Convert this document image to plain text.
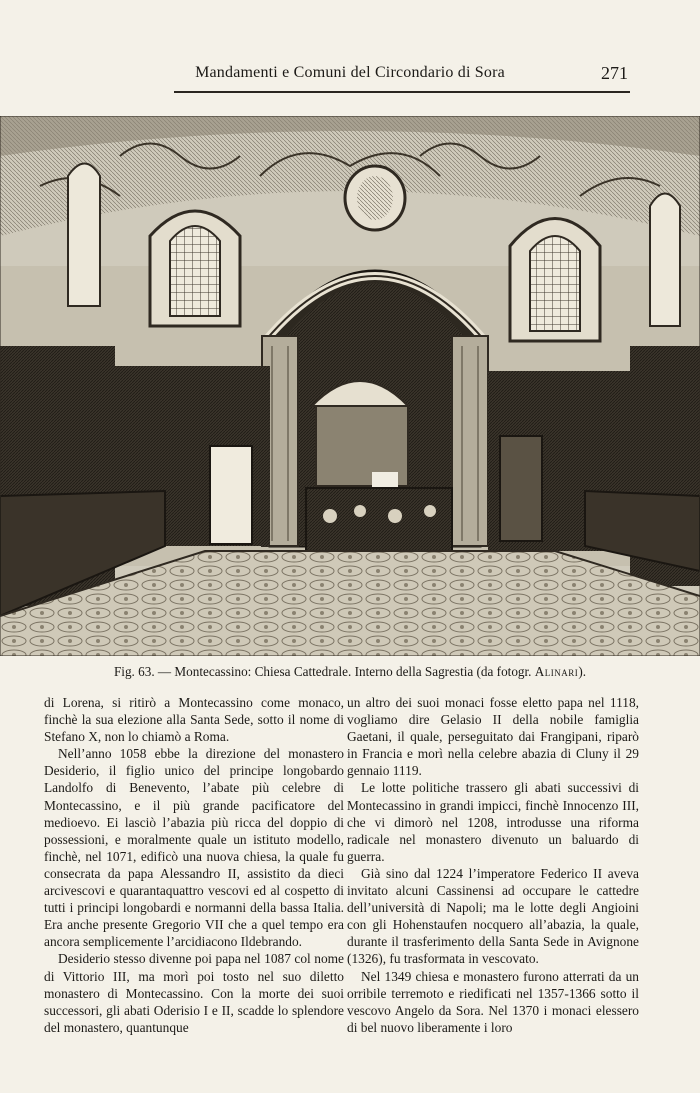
Mandamenti e Comuni del Circondario di Sora	271
Fig. 63. — Montecassino: Chiesa Cattedrale. Interno della Sagrestia (da fotogr. Alinari).

di Lorena, si ritirò a Montecassino come monaco, finchè la sua elezione alla Santa Sede, sotto il nome di Stefano X, non lo chiamò a Roma.

Nell’anno 1058 ebbe la direzione del monastero Desiderio, il figlio unico del principe longobardo Landolfo di Benevento, l’abate più celebre di Montecassino, e il più grande pacificatore del medioevo. Ei lasciò l’abazia più ricca del doppio di possessioni, e moralmente quale un istituto modello, finchè, nel 1071, edificò una nuova chiesa, la quale fu consecrata da papa Alessandro II, assistito da dieci arcivescovi e quarantaquattro vescovi ed al cospetto di tutti i principi longobardi e normanni della bassa Italia. Era anche presente Gregorio VII che a quel tempo era ancora semplicemente l’arcidiacono Ildebrando.

Desiderio stesso divenne poi papa nel 1087 col nome di Vittorio III, ma morì poi tosto nel suo diletto monastero di Montecassino. Con la morte dei suoi successori, gli abati Oderisio I e II, scadde lo splendore del monastero, quantunque

un altro dei suoi monaci fosse eletto papa nel 1118, vogliamo dire Gelasio II della nobile famiglia Gaetani, il quale, perseguitato dai Frangipani, riparò in Francia e morì nella celebre abazia di Cluny il 29 gennaio 1119.

Le lotte politiche trassero gli abati successivi di Montecassino in grandi impicci, finchè Innocenzo III, che vi dimorò nel 1208, introdusse una riforma radicale nel monastero divenuto un baluardo di guerra.

Già sino dal 1224 l’imperatore Federico II aveva invitato alcuni Cassinensi ad occupare le cattedre dell’università di Napoli; ma le lotte degli Angioini con gli Hohenstaufen nocquero all’abazia, la quale, durante il trasferimento della Santa Sede in Avignone (1326), fu trasformata in vescovato.

Nel 1349 chiesa e monastero furono atterrati da un orribile terremoto e riedificati nel 1357-1366 sotto il vescovo Angelo da Sora. Nel 1370 i monaci elessero di bel nuovo liberamente i loro
